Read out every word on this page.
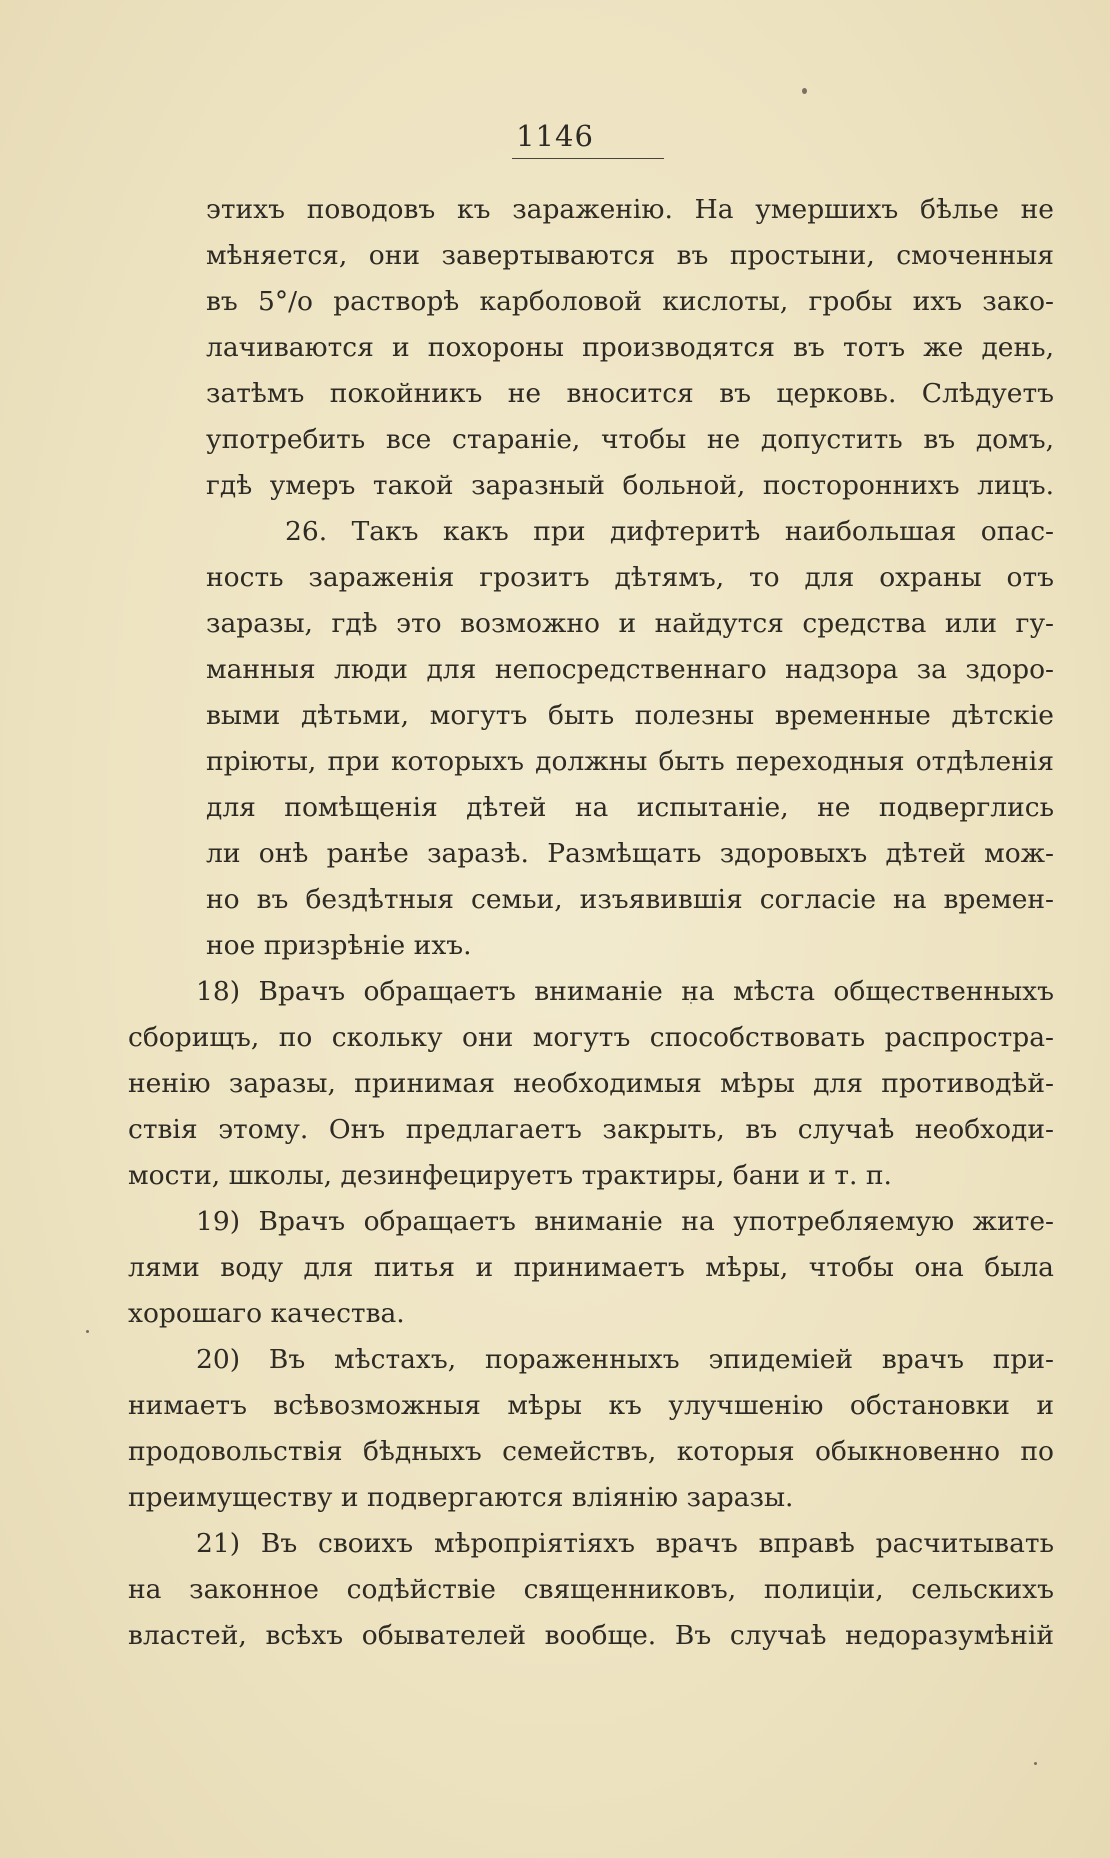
1146
этихъ поводовъ къ зараженію. На умершихъ бѣлье не
мѣняется, они завертываются въ простыни, смоченныя
въ 5°/о растворѣ карболовой кислоты, гробы ихъ зако-
лачиваются и похороны производятся въ тотъ же день,
затѣмъ покойникъ не вносится въ церковь. Слѣдуетъ
употребить все стараніе, чтобы не допустить въ домъ,
гдѣ умеръ такой заразный больной, постороннихъ лицъ.
26. Такъ какъ при дифтеритѣ наибольшая опас-
ность зараженія грозитъ дѣтямъ, то для охраны отъ
заразы, гдѣ это возможно и найдутся средства или гу-
манныя люди для непосредственнаго надзора за здоро-
выми дѣтьми, могутъ быть полезны временные дѣтскіе
пріюты, при которыхъ должны быть переходныя отдѣленія
для помѣщенія дѣтей на испытаніе, не подверглись
ли онѣ ранѣе заразѣ. Размѣщать здоровыхъ дѣтей мож-
но въ бездѣтныя семьи, изъявившія согласіе на времен-
ное призрѣніе ихъ.
18) Врачъ обращаетъ вниманіе на мѣста общественныхъ
сборищъ, по скольку они могутъ способствовать распростра-
ненію заразы, принимая необходимыя мѣры для противодѣй-
ствія этому. Онъ предлагаетъ закрыть, въ случаѣ необходи-
мости, школы, дезинфецируетъ трактиры, бани и т. п.
19) Врачъ обращаетъ вниманіе на употребляемую жите-
лями воду для питья и принимаетъ мѣры, чтобы она была
хорошаго качества.
20) Въ мѣстахъ, пораженныхъ эпидеміей врачъ при-
нимаетъ всѣвозможныя мѣры къ улучшенію обстановки и
продовольствія бѣдныхъ семействъ, которыя обыкновенно по
преимуществу и подвергаются вліянію заразы.
21) Въ своихъ мѣропріятіяхъ врачъ вправѣ расчитывать
на законное содѣйствіе священниковъ, полиціи, сельскихъ
властей, всѣхъ обывателей вообще. Въ случаѣ недоразумѣній
